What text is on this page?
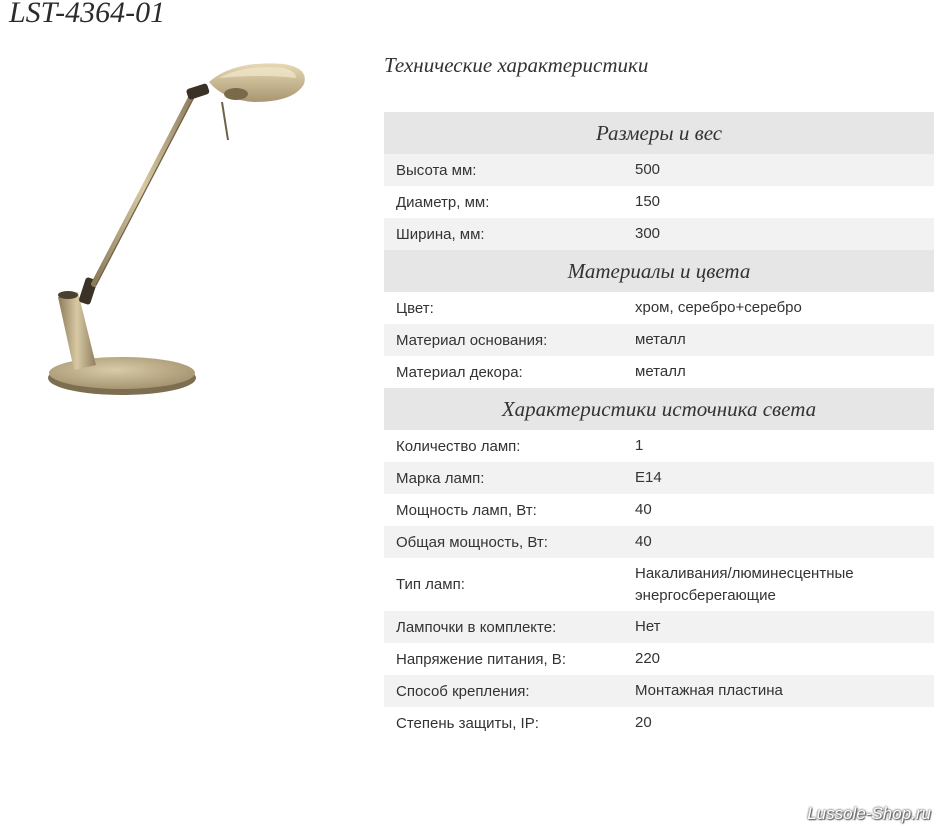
LST-4364-01
Технические характеристики
Размеры и вес
Высота мм:	500
Диаметр, мм:	150
Ширина, мм:	300
Материалы и цвета
Цвет:	хром, серебро+серебро
Материал основания:	металл
Материал декора:	металл
Характеристики источника света
Количество ламп:	1
Марка ламп:	E14
Мощность ламп, Вт:	40
Общая мощность, Вт:	40
Тип ламп:
Накаливания/люминесцентные энергосберегающие
Лампочки в комплекте:	Нет
Напряжение питания, В:	220
Способ крепления:	Монтажная пластина
Степень защиты, IP:	20
Lussole-Shop.ru
